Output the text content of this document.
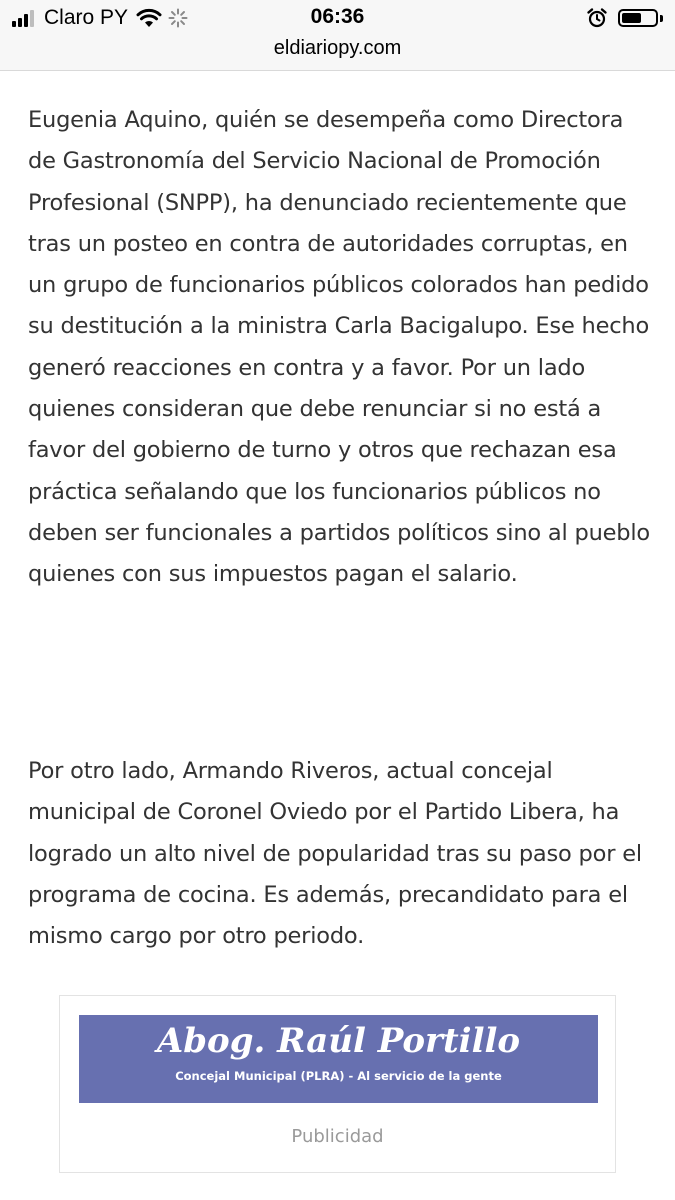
Claro PY	06:36
eldiariopy.com

Eugenia Aquino, quién se desempeña como Directora de Gastronomía del Servicio Nacional de Promoción Profesional (SNPP), ha denunciado recientemente que tras un posteo en contra de autoridades corruptas, en un grupo de funcionarios públicos colorados han pedido su destitución a la ministra Carla Bacigalupo. Ese hecho generó reacciones en contra y a favor. Por un lado quienes consideran que debe renunciar si no está a favor del gobierno de turno y otros que rechazan esa práctica señalando que los funcionarios públicos no deben ser funcionales a partidos políticos sino al pueblo quienes con sus impuestos pagan el salario.

Por otro lado, Armando Riveros, actual concejal municipal de Coronel Oviedo por el Partido Libera, ha logrado un alto nivel de popularidad tras su paso por el programa de cocina. Es además, precandidato para el mismo cargo por otro periodo.

Abog. Raúl Portillo
Concejal Municipal (PLRA) - Al servicio de la gente
Publicidad
